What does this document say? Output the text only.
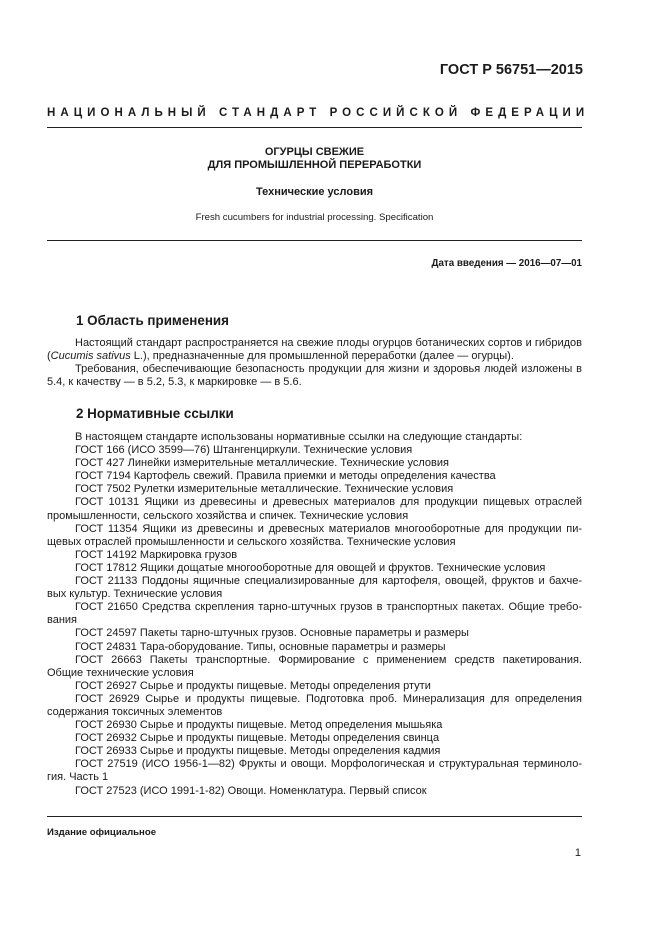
ГОСТ Р 56751—2015
НАЦИОНАЛЬНЫЙ СТАНДАРТ РОССИЙСКОЙ ФЕДЕРАЦИИ
ОГУРЦЫ СВЕЖИЕ
ДЛЯ ПРОМЫШЛЕННОЙ ПЕРЕРАБОТКИ
Технические условия
Fresh cucumbers for industrial processing. Specification
Дата введения — 2016—07—01
1 Область применения
Настоящий стандарт распространяется на свежие плоды огурцов ботанических сортов и гибридов
(Cucumis sativus L.), предназначенные для промышленной переработки (далее — огурцы).
Требования, обеспечивающие безопасность продукции для жизни и здоровья людей изложены в
5.4, к качеству — в 5.2, 5.3, к маркировке — в 5.6.
2 Нормативные ссылки
В настоящем стандарте использованы нормативные ссылки на следующие стандарты:
ГОСТ 166 (ИСО 3599—76) Штангенциркули. Технические условия
ГОСТ 427 Линейки измерительные металлические. Технические условия
ГОСТ 7194 Картофель свежий. Правила приемки и методы определения качества
ГОСТ 7502 Рулетки измерительные металлические. Технические условия
ГОСТ 10131 Ящики из древесины и древесных материалов для продукции пищевых отраслей
промышленности, сельского хозяйства и спичек. Технические условия
ГОСТ 11354 Ящики из древесины и древесных материалов многооборотные для продукции пи-
щевых отраслей промышленности и сельского хозяйства. Технические условия
ГОСТ 14192 Маркировка грузов
ГОСТ 17812 Ящики дощатые многооборотные для овощей и фруктов. Технические условия
ГОСТ 21133 Поддоны ящичные специализированные для картофеля, овощей, фруктов и бахче-
вых культур. Технические условия
ГОСТ 21650 Средства скрепления тарно-штучных грузов в транспортных пакетах. Общие требо-
вания
ГОСТ 24597 Пакеты тарно-штучных грузов. Основные параметры и размеры
ГОСТ 24831 Тара-оборудование. Типы, основные параметры и размеры
ГОСТ 26663 Пакеты транспортные. Формирование с применением средств пакетирования.
Общие технические условия
ГОСТ 26927 Сырье и продукты пищевые. Методы определения ртути
ГОСТ 26929 Сырье и продукты пищевые. Подготовка проб. Минерализация для определения
содержания токсичных элементов
ГОСТ 26930 Сырье и продукты пищевые. Метод определения мышьяка
ГОСТ 26932 Сырье и продукты пищевые. Методы определения свинца
ГОСТ 26933 Сырье и продукты пищевые. Методы определения кадмия
ГОСТ 27519 (ИСО 1956-1—82) Фрукты и овощи. Морфологическая и структуральная терминоло-
гия. Часть 1
ГОСТ 27523 (ИСО 1991-1-82) Овощи. Номенклатура. Первый список
Издание официальное
1
